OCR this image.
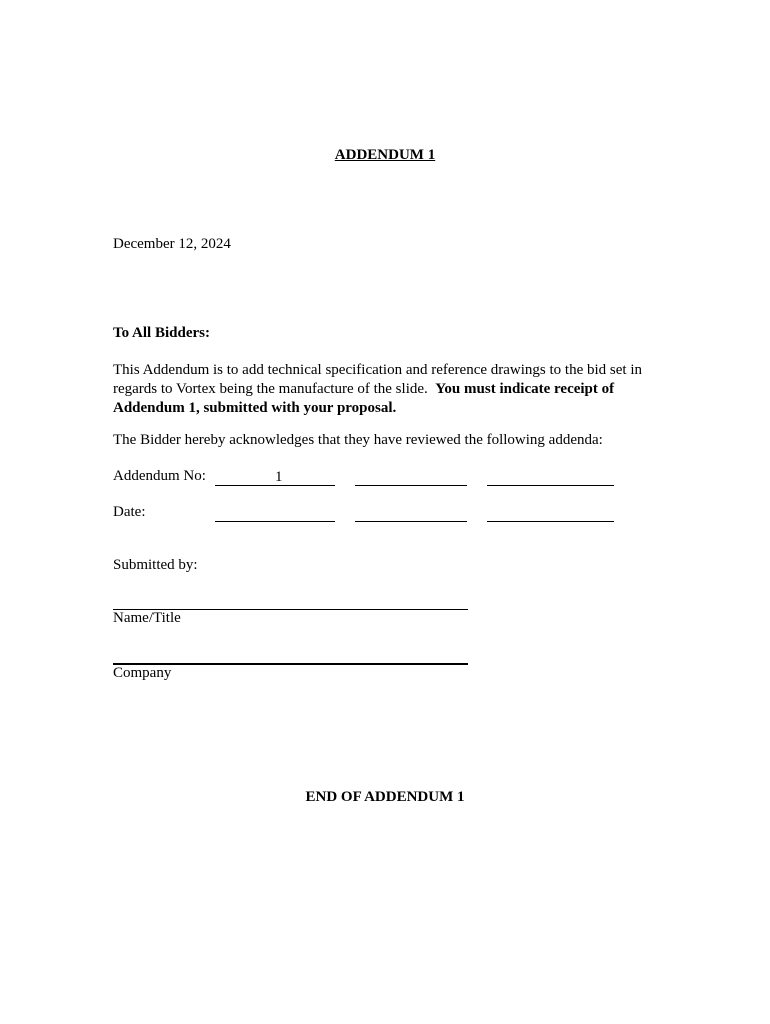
ADDENDUM 1
December 12, 2024
To All Bidders:
This Addendum is to add technical specification and reference drawings to the bid set in regards to Vortex being the manufacture of the slide. You must indicate receipt of Addendum 1, submitted with your proposal.
The Bidder hereby acknowledges that they have reviewed the following addenda:
Addendum No:	1
Date:
Submitted by:
Name/Title
Company
END OF ADDENDUM 1
